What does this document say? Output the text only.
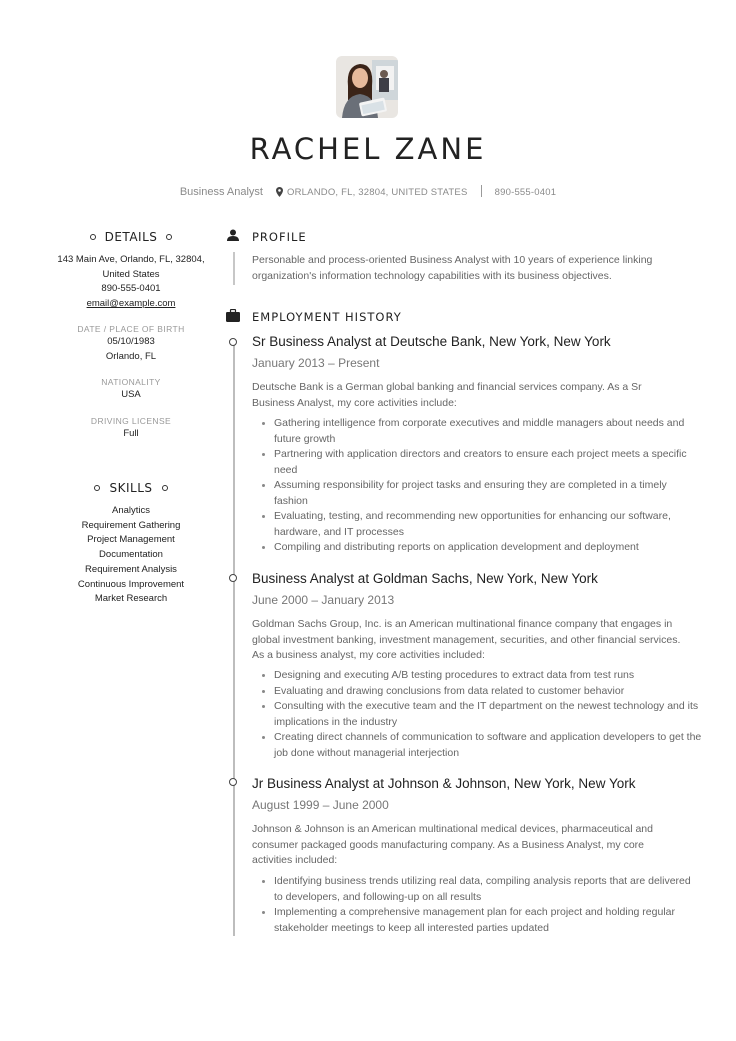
RACHEL ZANE
Business Analyst	ORLANDO, FL, 32804, UNITED STATES	890-555-0401
DETAILS
143 Main Ave, Orlando, FL, 32804,
United States
890-555-0401
email@example.com
DATE / PLACE OF BIRTH
05/10/1983
Orlando, FL
NATIONALITY
USA
DRIVING LICENSE
Full
SKILLS
Analytics
Requirement Gathering
Project Management
Documentation
Requirement Analysis
Continuous Improvement
Market Research
PROFILE
Personable and process-oriented Business Analyst with 10 years of experience linking organization's information technology capabilities with its business objectives.
EMPLOYMENT HISTORY
Sr Business Analyst at Deutsche Bank, New York, New York
January 2013 – Present
Deutsche Bank is a German global banking and financial services company. As a Sr Business Analyst, my core activities include:
• Gathering intelligence from corporate executives and middle managers about needs and future growth
• Partnering with application directors and creators to ensure each project meets a specific need
• Assuming responsibility for project tasks and ensuring they are completed in a timely fashion
• Evaluating, testing, and recommending new opportunities for enhancing our software, hardware, and IT processes
• Compiling and distributing reports on application development and deployment
Business Analyst at Goldman Sachs, New York, New York
June 2000 – January 2013
Goldman Sachs Group, Inc. is an American multinational finance company that engages in global investment banking, investment management, securities, and other financial services. As a business analyst, my core activities included:
• Designing and executing A/B testing procedures to extract data from test runs
• Evaluating and drawing conclusions from data related to customer behavior
• Consulting with the executive team and the IT department on the newest technology and its implications in the industry
• Creating direct channels of communication to software and application developers to get the job done without managerial interjection
Jr Business Analyst at Johnson & Johnson, New York, New York
August 1999 – June 2000
Johnson & Johnson is an American multinational medical devices, pharmaceutical and consumer packaged goods manufacturing company. As a Business Analyst, my core activities included:
• Identifying business trends utilizing real data, compiling analysis reports that are delivered to developers, and following-up on all results
• Implementing a comprehensive management plan for each project and holding regular stakeholder meetings to keep all interested parties updated
